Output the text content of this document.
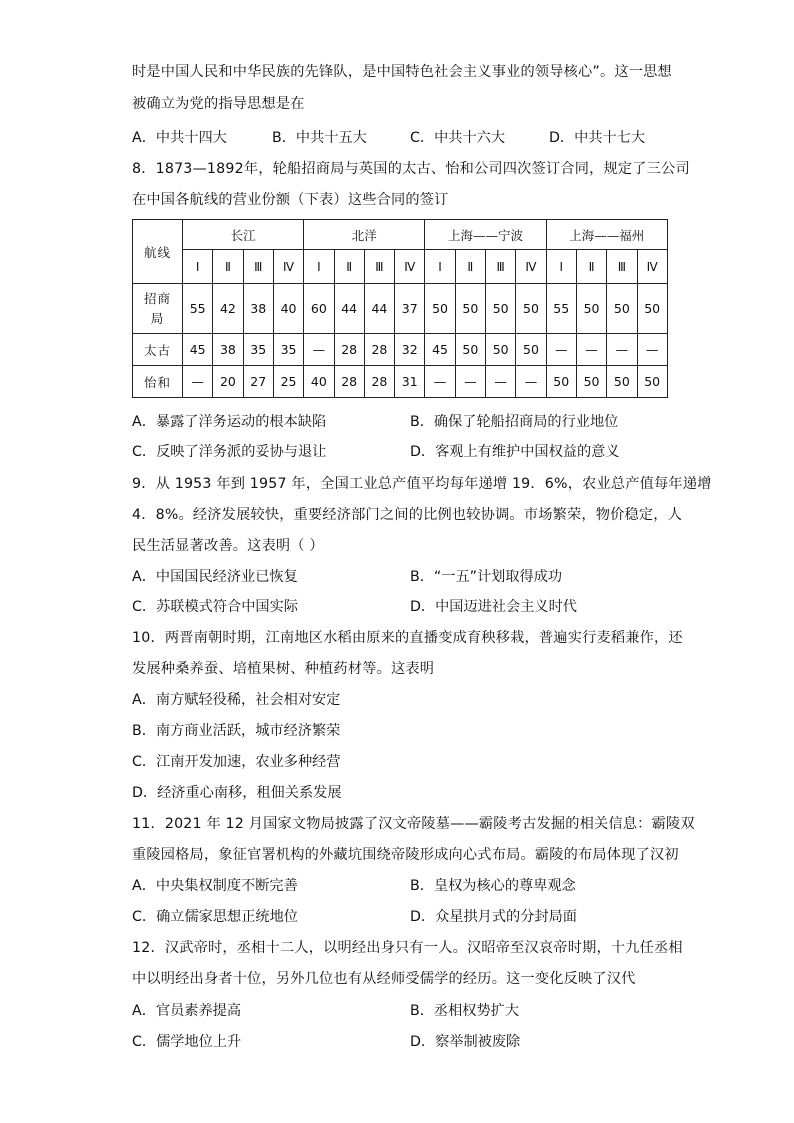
时是中国人民和中华民族的先锋队，是中国特色社会主义事业的领导核心”。这一思想
被确立为党的指导思想是在
A．中共十四大	B．中共十五大	C．中共十六大	D．中共十七大
8．1873—1892年，轮船招商局与英国的太古、怡和公司四次签订合同，规定了三公司
在中国各航线的营业份额（下表）这些合同的签订
航线	长江				北洋				上海——宁波				上海——福州			
	Ⅰ	Ⅱ	Ⅲ	Ⅳ	Ⅰ	Ⅱ	Ⅲ	Ⅳ	Ⅰ	Ⅱ	Ⅲ	Ⅳ	Ⅰ	Ⅱ	Ⅲ	Ⅳ

招商
局	55	42	38	40	60	44	44	37	50	50	50	50	55	50	50	50
太古	45	38	35	35	—	28	28	32	45	50	50	50	—	—	—	—
怡和	—	20	27	25	40	28	28	31	—	—	—	—	50	50	50	50
A．暴露了洋务运动的根本缺陷	B．确保了轮船招商局的行业地位
C．反映了洋务派的妥协与退让	D．客观上有维护中国权益的意义
9．从 1953 年到 1957 年，全国工业总产值平均每年递增 19．6%，农业总产值每年递增
4．8%。经济发展较快，重要经济部门之间的比例也较协调。市场繁荣，物价稳定，人
民生活显著改善。这表明（ ）
A．中国国民经济业已恢复	B．“一五”计划取得成功
C．苏联模式符合中国实际	D．中国迈进社会主义时代
10．两晋南朝时期，江南地区水稻由原来的直播变成育秧移栽，普遍实行麦稻兼作，还
发展种桑养蚕、培植果树、种植药材等。这表明
A．南方赋轻役稀，社会相对安定
B．南方商业活跃，城市经济繁荣
C．江南开发加速，农业多种经营
D．经济重心南移，租佃关系发展
11．2021 年 12 月国家文物局披露了汉文帝陵墓——霸陵考古发掘的相关信息：霸陵双
重陵园格局，象征官署机构的外藏坑围绕帝陵形成向心式布局。霸陵的布局体现了汉初
A．中央集权制度不断完善	B．皇权为核心的尊卑观念
C．确立儒家思想正统地位	D．众星拱月式的分封局面
12．汉武帝时，丞相十二人，以明经出身只有一人。汉昭帝至汉哀帝时期，十九任丞相
中以明经出身者十位，另外几位也有从经师受儒学的经历。这一变化反映了汉代
A．官员素养提高	B．丞相权势扩大
C．儒学地位上升	D．察举制被废除
